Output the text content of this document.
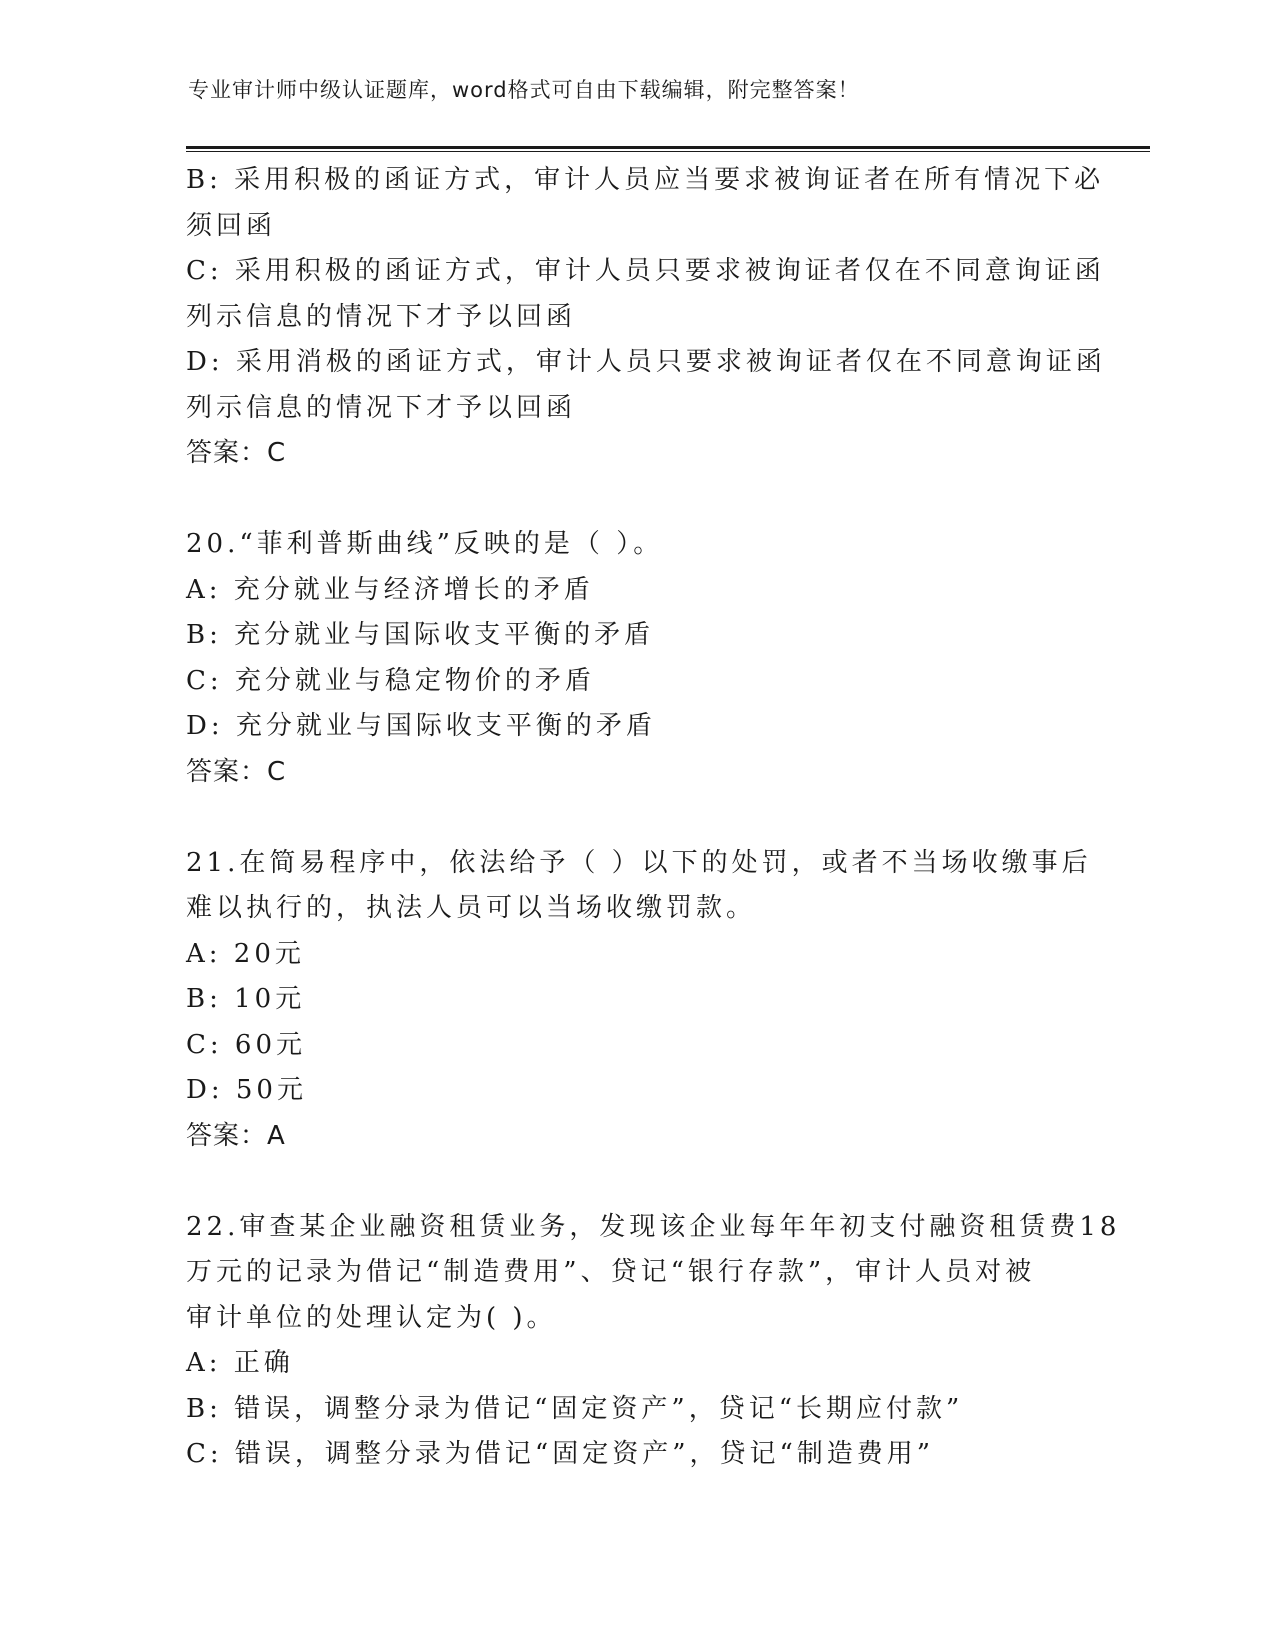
专业审计师中级认证题库，word格式可自由下载编辑，附完整答案！
B: 采用积极的函证方式，审计人员应当要求被询证者在所有情况下必
须回函
C: 采用积极的函证方式，审计人员只要求被询证者仅在不同意询证函
列示信息的情况下才予以回函
D: 采用消极的函证方式，审计人员只要求被询证者仅在不同意询证函
列示信息的情况下才予以回函
答案：C
20.“菲利普斯曲线”反映的是（ ）。
A: 充分就业与经济增长的矛盾
B: 充分就业与国际收支平衡的矛盾
C: 充分就业与稳定物价的矛盾
D: 充分就业与国际收支平衡的矛盾
答案：C
21.在简易程序中，依法给予（ ）以下的处罚，或者不当场收缴事后
难以执行的，执法人员可以当场收缴罚款。
A: 20元
B: 10元
C: 60元
D: 50元
答案：A
22.审查某企业融资租赁业务，发现该企业每年年初支付融资租赁费18
万元的记录为借记“制造费用”、贷记“银行存款”，审计人员对被
审计单位的处理认定为( )。
A: 正确
B: 错误，调整分录为借记“固定资产”，贷记“长期应付款”
C: 错误，调整分录为借记“固定资产”，贷记“制造费用”
